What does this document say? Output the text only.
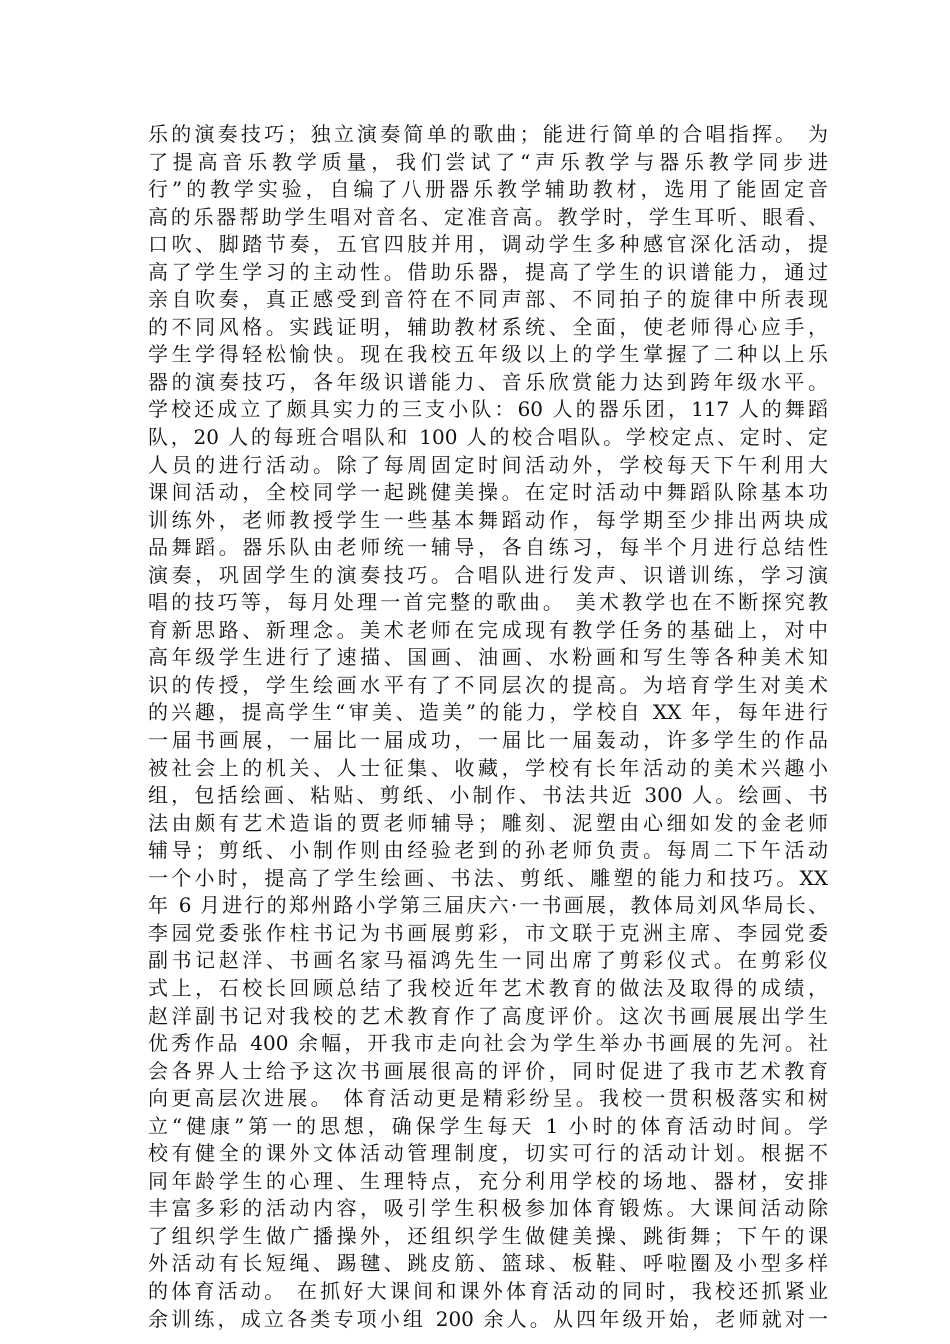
乐的演奏技巧；独立演奏简单的歌曲；能进行简单的合唱指挥。 为
了提高音乐教学质量，我们尝试了“声乐教学与器乐教学同步进
行”的教学实验，自编了八册器乐教学辅助教材，选用了能固定音
高的乐器帮助学生唱对音名、定准音高。教学时，学生耳听、眼看、
口吹、脚踏节奏，五官四肢并用，调动学生多种感官深化活动，提
高了学生学习的主动性。借助乐器，提高了学生的识谱能力，通过
亲自吹奏，真正感受到音符在不同声部、不同拍子的旋律中所表现
的不同风格。实践证明，辅助教材系统、全面，使老师得心应手，
学生学得轻松愉快。现在我校五年级以上的学生掌握了二种以上乐
器的演奏技巧，各年级识谱能力、音乐欣赏能力达到跨年级水平。
学校还成立了颇具实力的三支小队：60 人的器乐团，117 人的舞蹈
队，20 人的每班合唱队和 100 人的校合唱队。学校定点、定时、定
人员的进行活动。除了每周固定时间活动外，学校每天下午利用大
课间活动，全校同学一起跳健美操。在定时活动中舞蹈队除基本功
训练外，老师教授学生一些基本舞蹈动作，每学期至少排出两块成
品舞蹈。器乐队由老师统一辅导，各自练习，每半个月进行总结性
演奏，巩固学生的演奏技巧。合唱队进行发声、识谱训练，学习演
唱的技巧等，每月处理一首完整的歌曲。 美术教学也在不断探究教
育新思路、新理念。美术老师在完成现有教学任务的基础上，对中
高年级学生进行了速描、国画、油画、水粉画和写生等各种美术知
识的传授，学生绘画水平有了不同层次的提高。为培育学生对美术
的兴趣，提高学生“审美、造美”的能力，学校自 XX 年，每年进行
一届书画展，一届比一届成功，一届比一届轰动，许多学生的作品
被社会上的机关、人士征集、收藏，学校有长年活动的美术兴趣小
组，包括绘画、粘贴、剪纸、小制作、书法共近 300 人。绘画、书
法由颇有艺术造诣的贾老师辅导；雕刻、泥塑由心细如发的金老师
辅导；剪纸、小制作则由经验老到的孙老师负责。每周二下午活动
一个小时，提高了学生绘画、书法、剪纸、雕塑的能力和技巧。XX
年 6 月进行的郑州路小学第三届庆六·一书画展，教体局刘风华局长、
李园党委张作柱书记为书画展剪彩，市文联于克洲主席、李园党委
副书记赵洋、书画名家马福鸿先生一同出席了剪彩仪式。在剪彩仪
式上，石校长回顾总结了我校近年艺术教育的做法及取得的成绩，
赵洋副书记对我校的艺术教育作了高度评价。这次书画展展出学生
优秀作品 400 余幅，开我市走向社会为学生举办书画展的先河。社
会各界人士给予这次书画展很高的评价，同时促进了我市艺术教育
向更高层次进展。 体育活动更是精彩纷呈。我校一贯积极落实和树
立“健康”第一的思想，确保学生每天 1 小时的体育活动时间。学
校有健全的课外文体活动管理制度，切实可行的活动计划。根据不
同年龄学生的心理、生理特点，充分利用学校的场地、器材，安排
丰富多彩的活动内容，吸引学生积极参加体育锻炼。大课间活动除
了组织学生做广播操外，还组织学生做健美操、跳街舞；下午的课
外活动有长短绳、踢毽、跳皮筋、篮球、板鞋、呼啦圈及小型多样
的体育活动。 在抓好大课间和课外体育活动的同时，我校还抓紧业
余训练，成立各类专项小组 200 余人。从四年级开始，老师就对一
